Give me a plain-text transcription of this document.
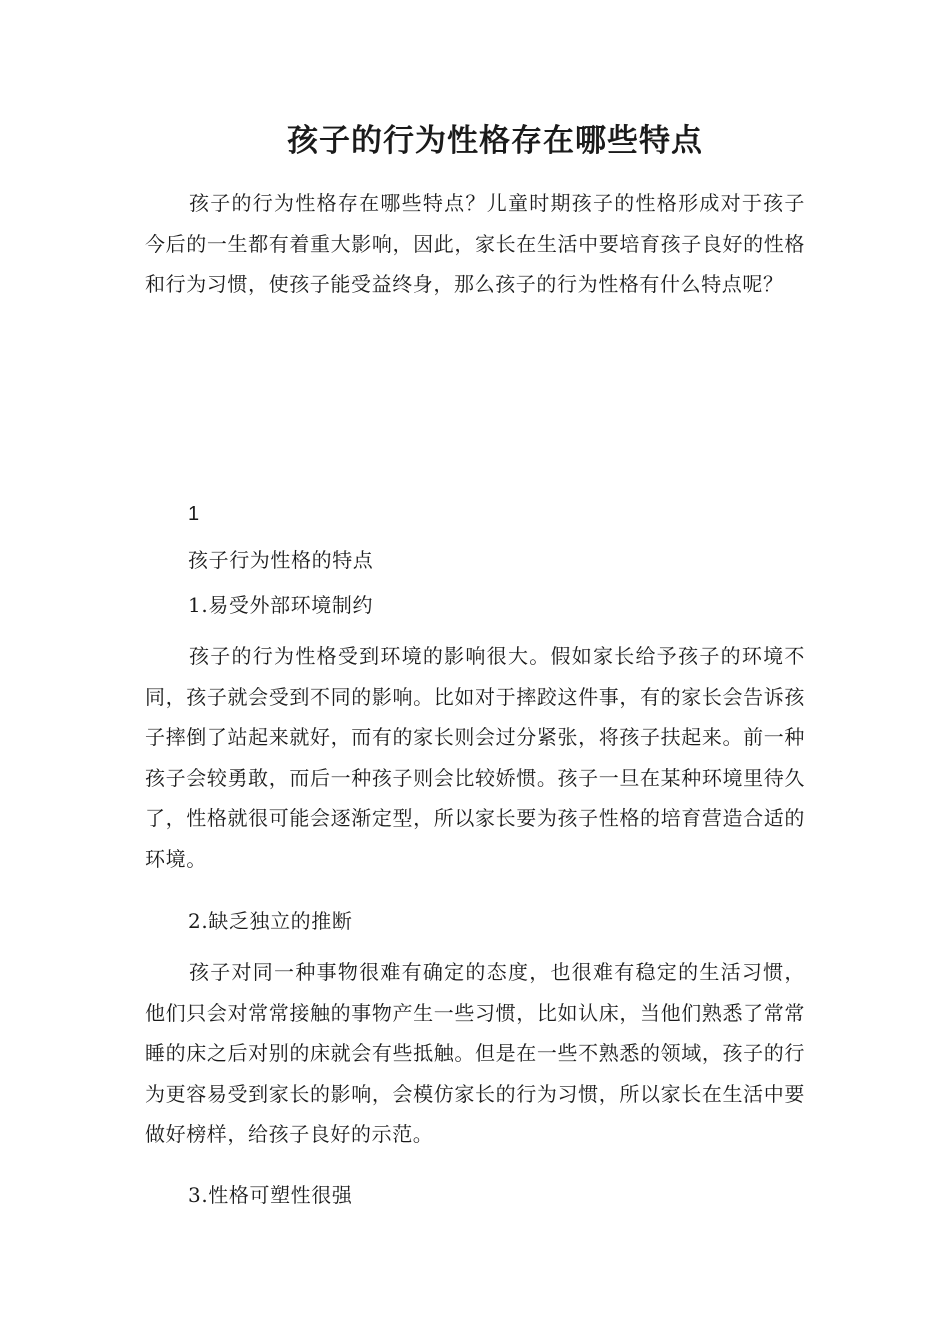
孩子的行为性格存在哪些特点

孩子的行为性格存在哪些特点？儿童时期孩子的性格形成对于孩子今后的一生都有着重大影响，因此，家长在生活中要培育孩子良好的性格和行为习惯，使孩子能受益终身，那么孩子的行为性格有什么特点呢？

1

孩子行为性格的特点

1.易受外部环境制约

孩子的行为性格受到环境的影响很大。假如家长给予孩子的环境不同，孩子就会受到不同的影响。比如对于摔跤这件事，有的家长会告诉孩子摔倒了站起来就好，而有的家长则会过分紧张，将孩子扶起来。前一种孩子会较勇敢，而后一种孩子则会比较娇惯。孩子一旦在某种环境里待久了，性格就很可能会逐渐定型，所以家长要为孩子性格的培育营造合适的环境。

2.缺乏独立的推断

孩子对同一种事物很难有确定的态度，也很难有稳定的生活习惯，他们只会对常常接触的事物产生一些习惯，比如认床，当他们熟悉了常常睡的床之后对别的床就会有些抵触。但是在一些不熟悉的领域，孩子的行为更容易受到家长的影响，会模仿家长的行为习惯，所以家长在生活中要做好榜样，给孩子良好的示范。

3.性格可塑性很强
